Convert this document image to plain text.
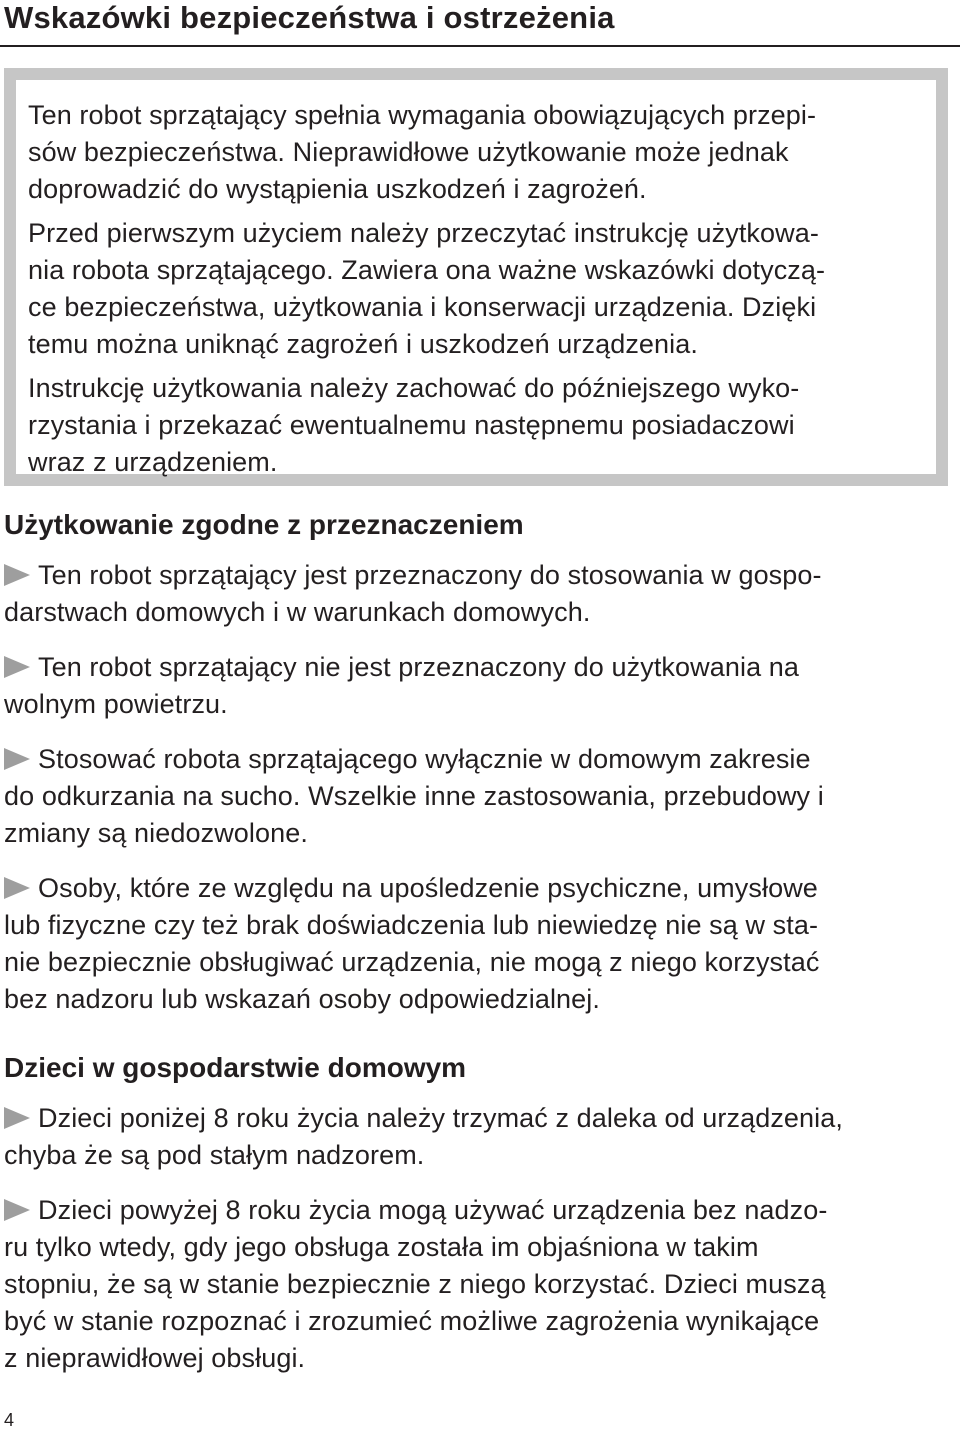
Wskazówki bezpieczeństwa i ostrzeżenia

Ten robot sprzątający spełnia wymagania obowiązujących przepi-
sów bezpieczeństwa. Nieprawidłowe użytkowanie może jednak
doprowadzić do wystąpienia uszkodzeń i zagrożeń.

Przed pierwszym użyciem należy przeczytać instrukcję użytkowa-
nia robota sprzątającego. Zawiera ona ważne wskazówki dotyczą-
ce bezpieczeństwa, użytkowania i konserwacji urządzenia. Dzięki
temu można uniknąć zagrożeń i uszkodzeń urządzenia.

Instrukcję użytkowania należy zachować do późniejszego wyko-
rzystania i przekazać ewentualnemu następnemu posiadaczowi
wraz z urządzeniem.

Użytkowanie zgodne z przeznaczeniem

Ten robot sprzątający jest przeznaczony do stosowania w gospo-
darstwach domowych i w warunkach domowych.

Ten robot sprzątający nie jest przeznaczony do użytkowania na
wolnym powietrzu.

Stosować robota sprzątającego wyłącznie w domowym zakresie
do odkurzania na sucho. Wszelkie inne zastosowania, przebudowy i
zmiany są niedozwolone.

Osoby, które ze względu na upośledzenie psychiczne, umysłowe
lub fizyczne czy też brak doświadczenia lub niewiedzę nie są w sta-
nie bezpiecznie obsługiwać urządzenia, nie mogą z niego korzystać
bez nadzoru lub wskazań osoby odpowiedzialnej.

Dzieci w gospodarstwie domowym

Dzieci poniżej 8 roku życia należy trzymać z daleka od urządzenia,
chyba że są pod stałym nadzorem.

Dzieci powyżej 8 roku życia mogą używać urządzenia bez nadzo-
ru tylko wtedy, gdy jego obsługa została im objaśniona w takim
stopniu, że są w stanie bezpiecznie z niego korzystać. Dzieci muszą
być w stanie rozpoznać i zrozumieć możliwe zagrożenia wynikające
z nieprawidłowej obsługi.

4
